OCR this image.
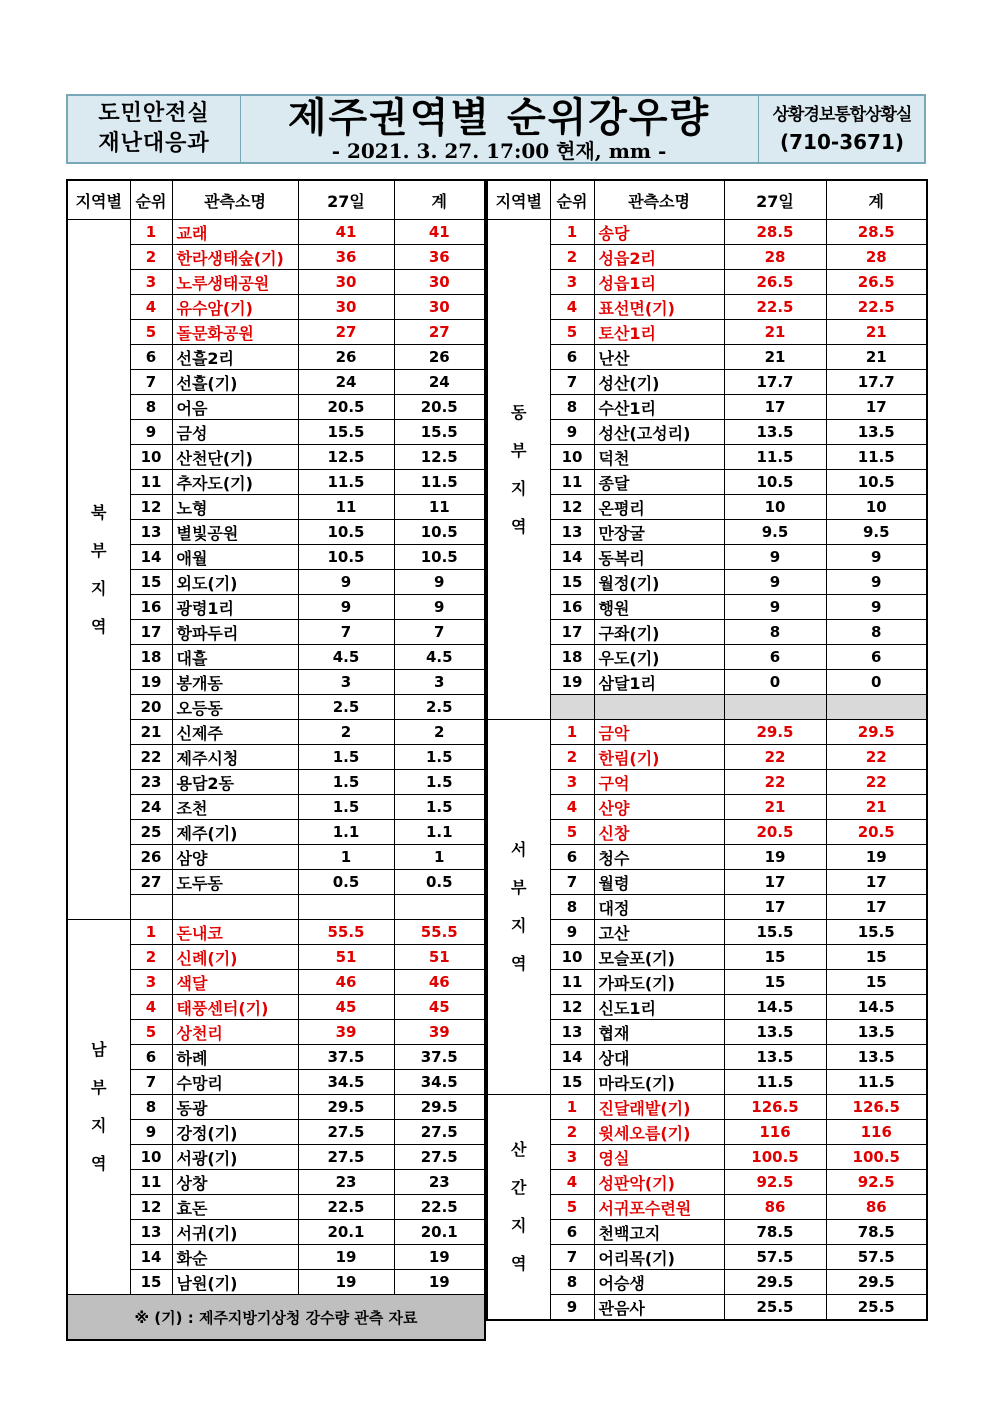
도민안전실
재난대응과
제주권역별 순위강우량
- 2021. 3. 27. 17:00 현재, mm -
상황경보통합상황실
(710-3671)
지역별	순위	관측소명	27일	계
북
부
지
역	1	교래	41	41
	2	한라생태숲(기)	36	36
	3	노루생태공원	30	30
	4	유수암(기)	30	30
	5	돌문화공원	27	27
	6	선흘2리	26	26
	7	선흘(기)	24	24
	8	어음	20.5	20.5
	9	금성	15.5	15.5
	10	산천단(기)	12.5	12.5
	11	추자도(기)	11.5	11.5
	12	노형	11	11
	13	별빛공원	10.5	10.5
	14	애월	10.5	10.5
	15	외도(기)	9	9
	16	광령1리	9	9
	17	항파두리	7	7
	18	대흘	4.5	4.5
	19	봉개동	3	3
	20	오등동	2.5	2.5
	21	신제주	2	2
	22	제주시청	1.5	1.5
	23	용담2동	1.5	1.5
	24	조천	1.5	1.5
	25	제주(기)	1.1	1.1
	26	삼양	1	1
	27	도두동	0.5	0.5

남
부
지
역	1	돈내코	55.5	55.5
	2	신례(기)	51	51
	3	색달	46	46
	4	태풍센터(기)	45	45
	5	상천리	39	39
	6	하례	37.5	37.5
	7	수망리	34.5	34.5
	8	동광	29.5	29.5
	9	강정(기)	27.5	27.5
	10	서광(기)	27.5	27.5
	11	상창	23	23
	12	효돈	22.5	22.5
	13	서귀(기)	20.1	20.1
	14	화순	19	19
	15	남원(기)	19	19
※ (기) : 제주지방기상청 강수량 관측 자료				
지역별	순위	관측소명	27일	계
동
부
지
역	1	송당	28.5	28.5
	2	성읍2리	28	28
	3	성읍1리	26.5	26.5
	4	표선면(기)	22.5	22.5
	5	토산1리	21	21
	6	난산	21	21
	7	성산(기)	17.7	17.7
	8	수산1리	17	17
	9	성산(고성리)	13.5	13.5
	10	덕천	11.5	11.5
	11	종달	10.5	10.5
	12	온평리	10	10
	13	만장굴	9.5	9.5
	14	동복리	9	9
	15	월정(기)	9	9
	16	행원	9	9
	17	구좌(기)	8	8
	18	우도(기)	6	6
	19	삼달1리	0	0

서
부
지
역	1	금악	29.5	29.5
	2	한림(기)	22	22
	3	구억	22	22
	4	산양	21	21
	5	신창	20.5	20.5
	6	청수	19	19
	7	월령	17	17
	8	대정	17	17
	9	고산	15.5	15.5
	10	모슬포(기)	15	15
	11	가파도(기)	15	15
	12	신도1리	14.5	14.5
	13	협재	13.5	13.5
	14	상대	13.5	13.5
	15	마라도(기)	11.5	11.5
산
간
지
역	1	진달래밭(기)	126.5	126.5
	2	윗세오름(기)	116	116
	3	영실	100.5	100.5
	4	성판악(기)	92.5	92.5
	5	서귀포수련원	86	86
	6	천백고지	78.5	78.5
	7	어리목(기)	57.5	57.5
	8	어승생	29.5	29.5
	9	관음사	25.5	25.5
